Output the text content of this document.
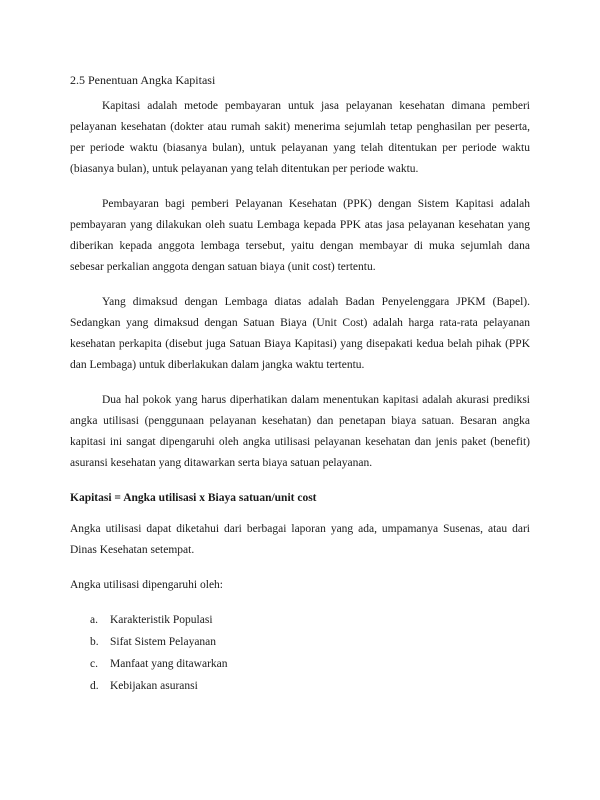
2.5 Penentuan Angka Kapitasi

Kapitasi adalah metode pembayaran untuk jasa pelayanan kesehatan dimana pemberi pelayanan kesehatan (dokter atau rumah sakit) menerima sejumlah tetap penghasilan per peserta, per periode waktu (biasanya bulan), untuk pelayanan yang telah ditentukan per periode waktu (biasanya bulan), untuk pelayanan yang telah ditentukan per periode waktu.

Pembayaran bagi pemberi Pelayanan Kesehatan (PPK) dengan Sistem Kapitasi adalah pembayaran yang dilakukan oleh suatu Lembaga kepada PPK atas jasa pelayanan kesehatan yang diberikan kepada anggota lembaga tersebut, yaitu dengan membayar di muka sejumlah dana sebesar perkalian anggota dengan satuan biaya (unit cost) tertentu.

Yang dimaksud dengan Lembaga diatas adalah Badan Penyelenggara JPKM (Bapel). Sedangkan yang dimaksud dengan Satuan Biaya (Unit Cost) adalah harga rata-rata pelayanan kesehatan perkapita (disebut juga Satuan Biaya Kapitasi) yang disepakati kedua belah pihak (PPK dan Lembaga) untuk diberlakukan dalam jangka waktu tertentu.

Dua hal pokok yang harus diperhatikan dalam menentukan kapitasi adalah akurasi prediksi angka utilisasi (penggunaan pelayanan kesehatan) dan penetapan biaya satuan. Besaran angka kapitasi ini sangat dipengaruhi oleh angka utilisasi pelayanan kesehatan dan jenis paket (benefit) asuransi kesehatan yang ditawarkan serta biaya satuan pelayanan.

Kapitasi = Angka utilisasi x Biaya satuan/unit cost

Angka utilisasi dapat diketahui dari berbagai laporan yang ada, umpamanya Susenas, atau dari Dinas Kesehatan setempat.

Angka utilisasi dipengaruhi oleh:

a.	Karakteristik Populasi
b. Sifat Sistem Pelayanan
c.	Manfaat yang ditawarkan
d. Kebijakan asuransi
